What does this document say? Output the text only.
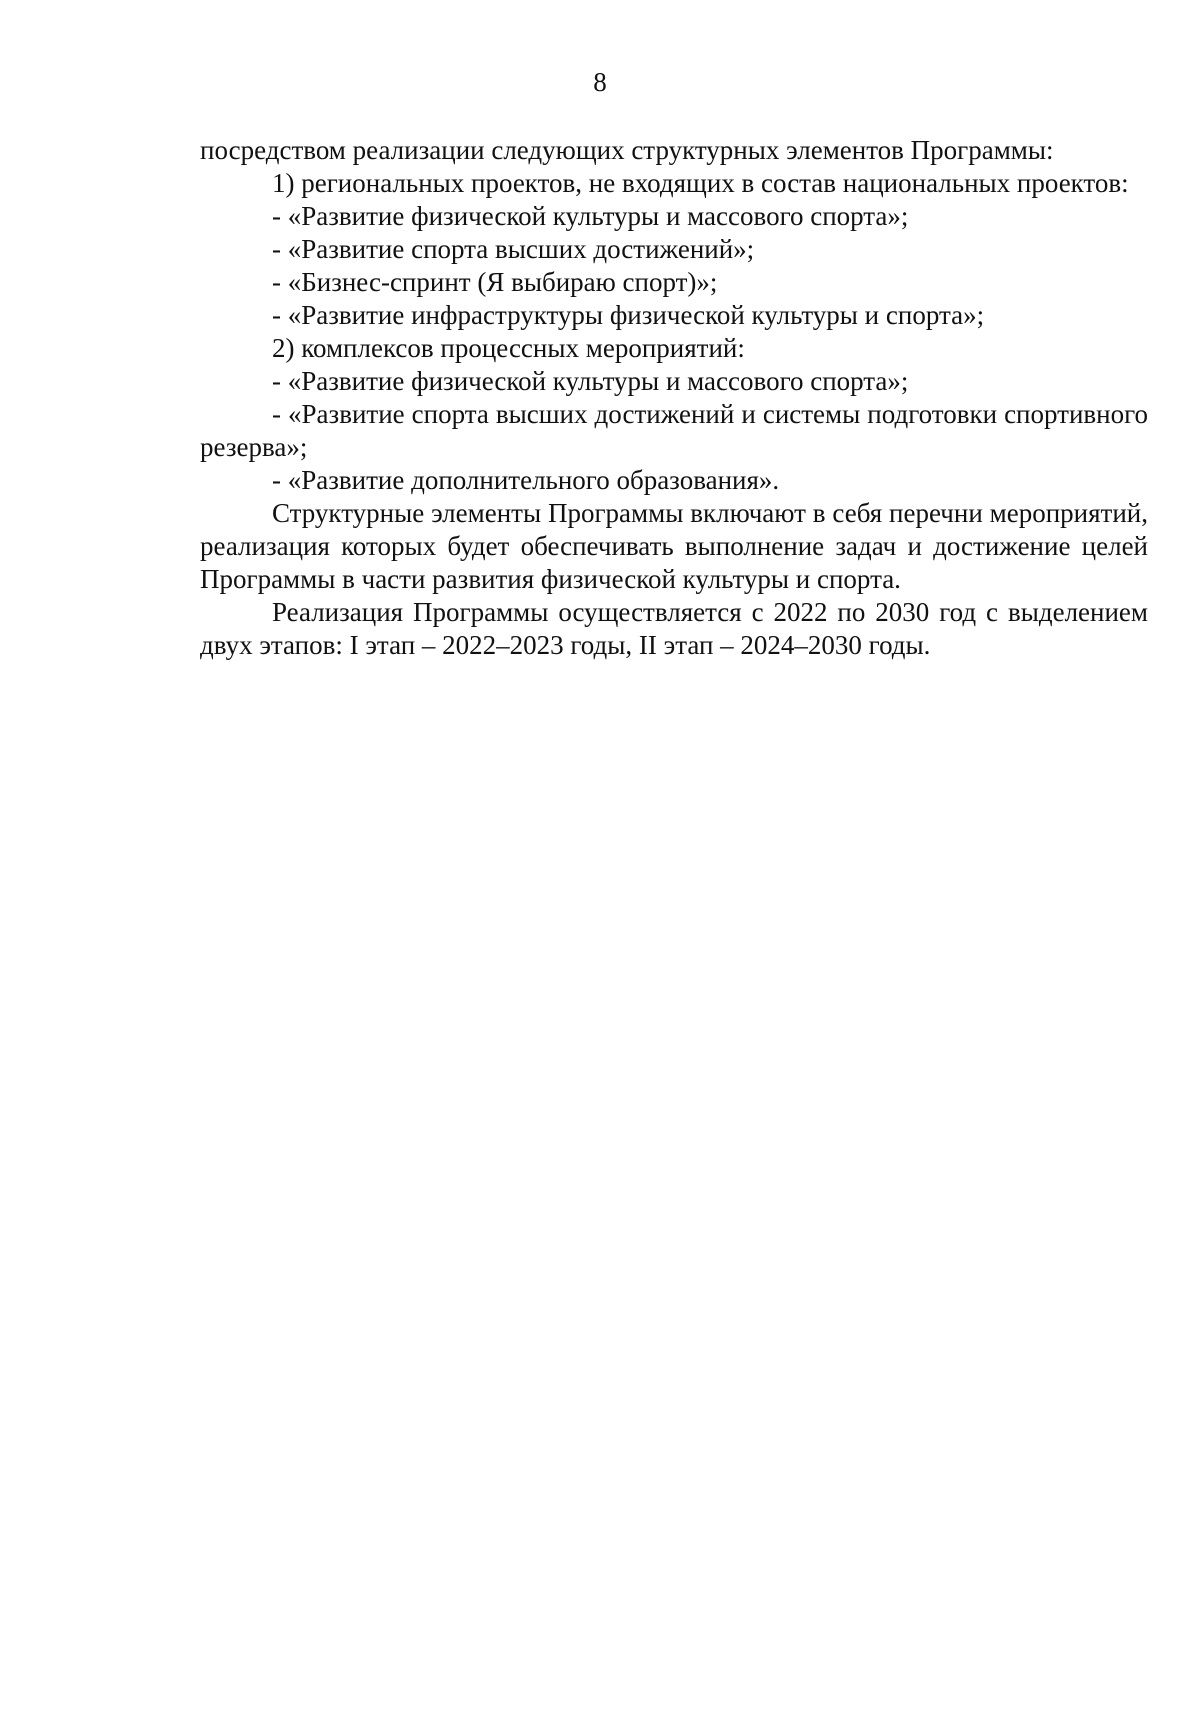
8

посредством реализации следующих структурных элементов Программы:

1) региональных проектов, не входящих в состав национальных проектов:

- «Развитие физической культуры и массового спорта»;

- «Развитие спорта высших достижений»;

- «Бизнес-спринт (Я выбираю спорт)»;

- «Развитие инфраструктуры физической культуры и спорта»;

2) комплексов процессных мероприятий:

- «Развитие физической культуры и массового спорта»;

- «Развитие спорта высших достижений и системы подготовки спортивного резерва»;

- «Развитие дополнительного образования».

Структурные элементы Программы включают в себя перечни мероприятий, реализация которых будет обеспечивать выполнение задач и достижение целей Программы в части развития физической культуры и спорта.

Реализация Программы осуществляется с 2022 по 2030 год с выделением двух этапов: I этап – 2022–2023 годы, II этап – 2024–2030 годы.
